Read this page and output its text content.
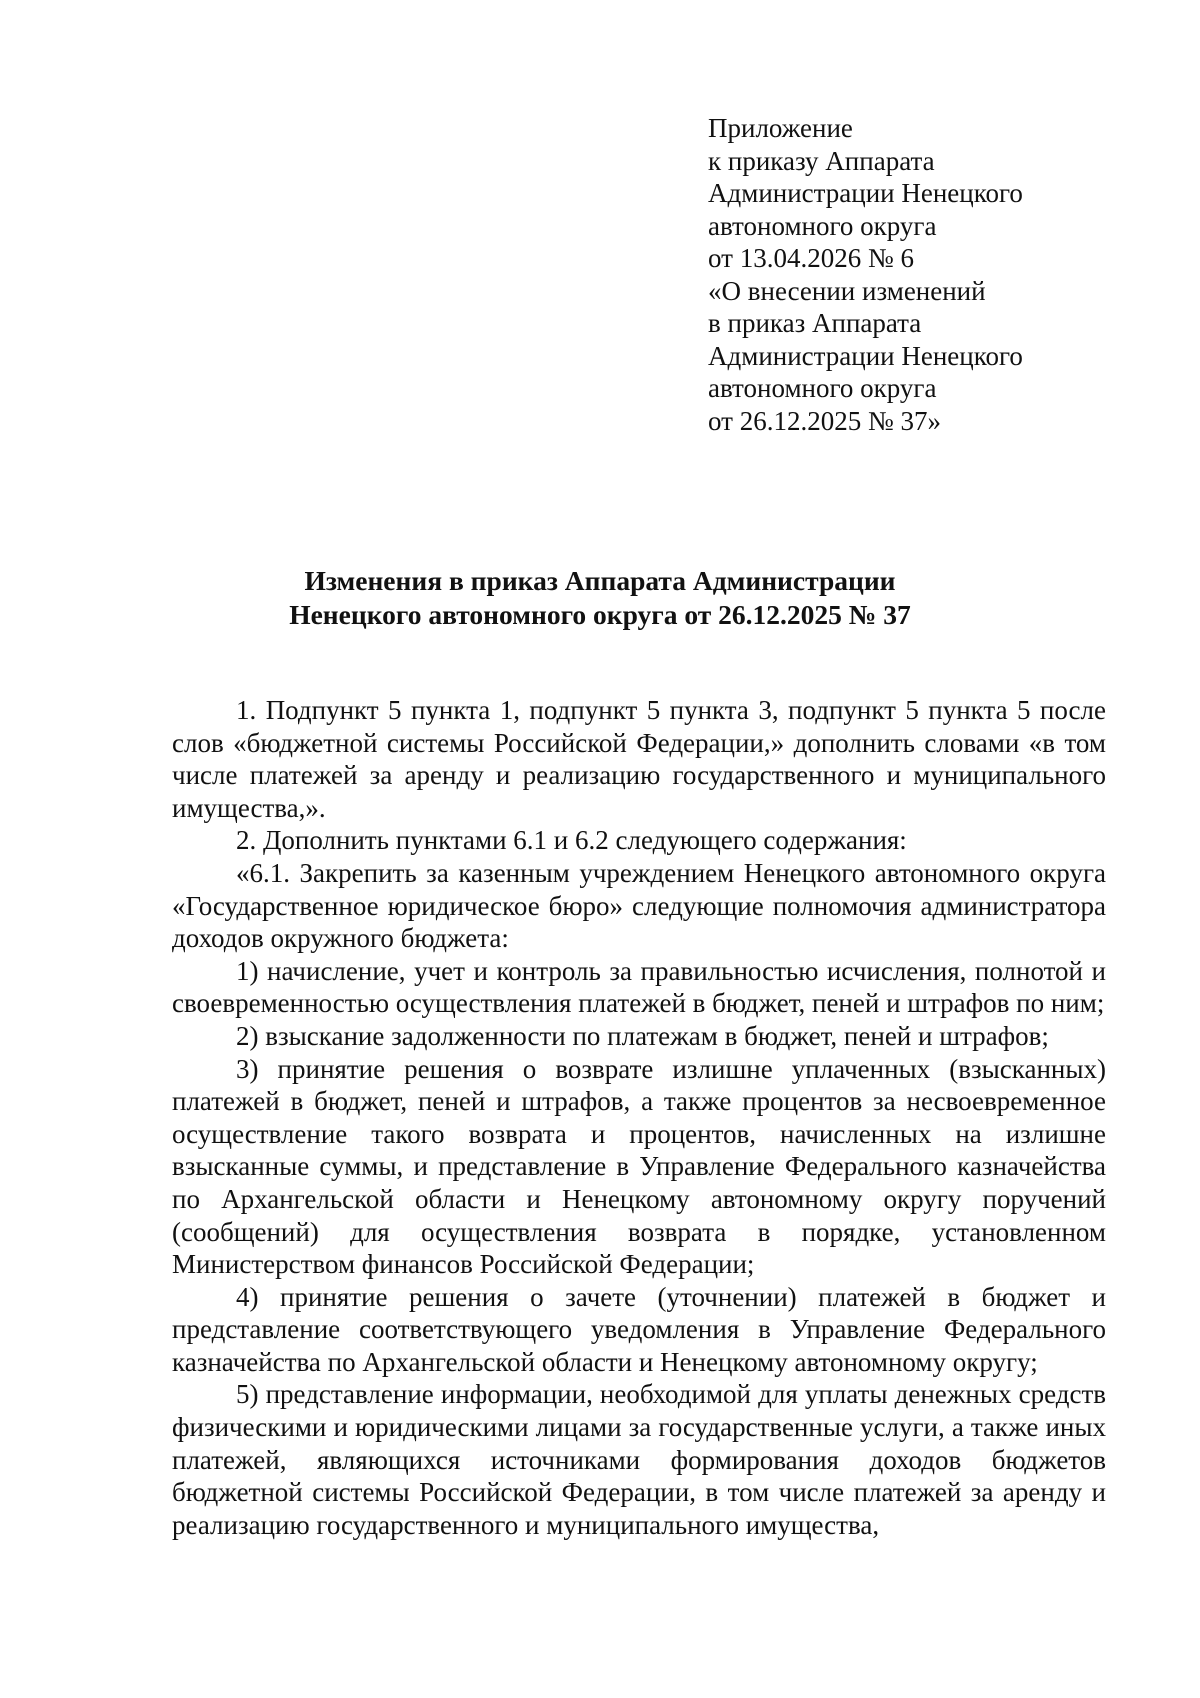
Приложение
к приказу Аппарата
Администрации Ненецкого
автономного округа
от 13.04.2026 № 6
«О внесении изменений
в приказ Аппарата
Администрации Ненецкого
автономного округа
от 26.12.2025 № 37»
Изменения в приказ Аппарата Администрации
Ненецкого автономного округа от 26.12.2025 № 37

1. Подпункт 5 пункта 1, подпункт 5 пункта 3, подпункт 5 пункта 5 после слов «бюджетной системы Российской Федерации,» дополнить словами «в том числе платежей за аренду и реализацию государственного и муниципального имущества,».

2. Дополнить пунктами 6.1 и 6.2 следующего содержания:

«6.1. Закрепить за казенным учреждением Ненецкого автономного округа «Государственное юридическое бюро» следующие полномочия администратора доходов окружного бюджета:

1) начисление, учет и контроль за правильностью исчисления, полнотой и своевременностью осуществления платежей в бюджет, пеней и штрафов по ним;

2) взыскание задолженности по платежам в бюджет, пеней и штрафов;

3) принятие решения о возврате излишне уплаченных (взысканных) платежей в бюджет, пеней и штрафов, а также процентов за несвоевременное осуществление такого возврата и процентов, начисленных на излишне взысканные суммы, и представление в Управление Федерального казначейства по Архангельской области и Ненецкому автономному округу поручений (сообщений) для осуществления возврата в порядке, установленном Министерством финансов Российской Федерации;

4) принятие решения о зачете (уточнении) платежей в бюджет и представление соответствующего уведомления в Управление Федерального казначейства по Архангельской области и Ненецкому автономному округу;

5) представление информации, необходимой для уплаты денежных средств физическими и юридическими лицами за государственные услуги, а также иных платежей, являющихся источниками формирования доходов бюджетов бюджетной системы Российской Федерации, в том числе платежей за аренду и реализацию государственного и муниципального имущества,
